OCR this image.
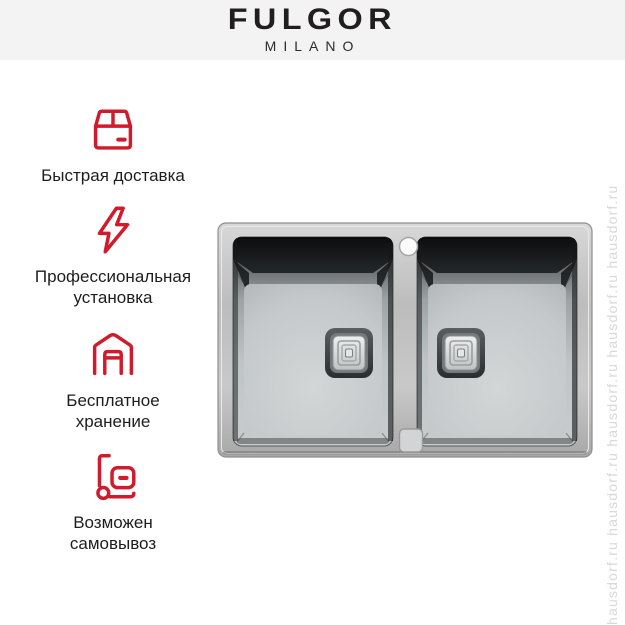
FULGOR
MILANO
Быстрая доставка
Профессиональная установка
Бесплатное хранение
Возможен самовывоз	hausdorf.ru hausdorf.ru hausdorf.ru hausdorf.ru hausdorf.ru
